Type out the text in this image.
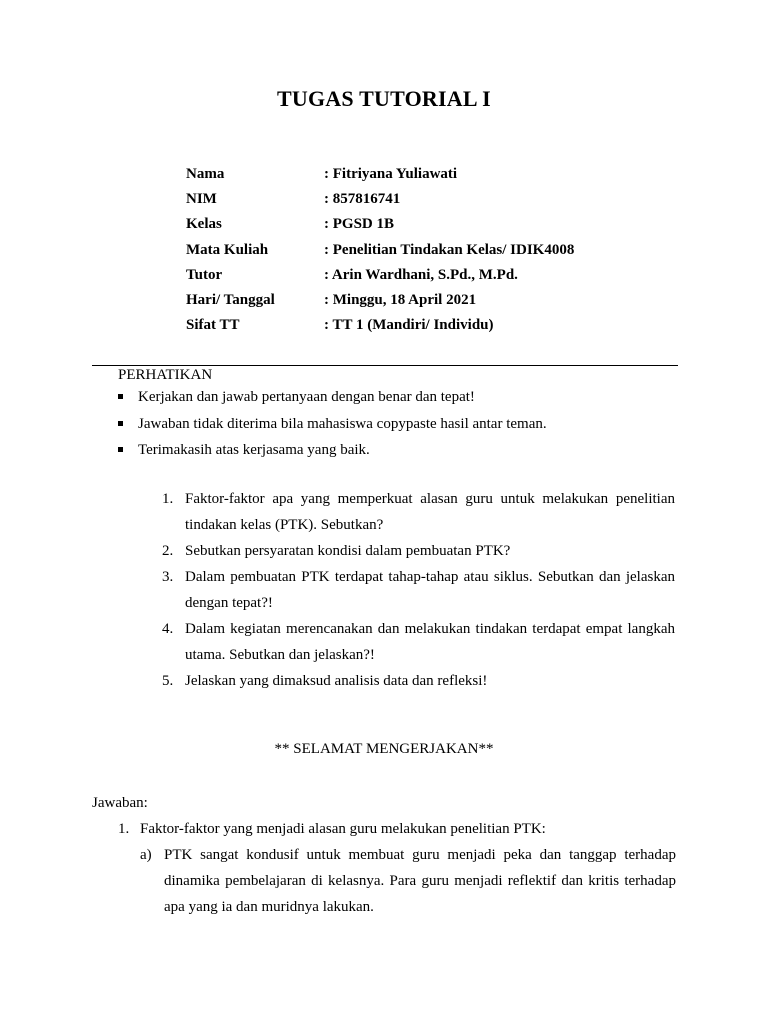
TUGAS TUTORIAL I
Nama	: Fitriyana Yuliawati
NIM	: 857816741
Kelas	: PGSD 1B
Mata Kuliah	: Penelitian Tindakan Kelas/ IDIK4008
Tutor	: Arin Wardhani, S.Pd., M.Pd.
Hari/ Tanggal	: Minggu, 18 April 2021
Sifat TT	: TT 1 (Mandiri/ Individu)
PERHATIKAN
Kerjakan dan jawab pertanyaan dengan benar dan tepat!
Jawaban tidak diterima bila mahasiswa copypaste hasil antar teman.
Terimakasih atas kerjasama yang baik.
1. Faktor-faktor apa yang memperkuat alasan guru untuk melakukan penelitian tindakan kelas (PTK). Sebutkan?
2. Sebutkan persyaratan kondisi dalam pembuatan PTK?
3. Dalam pembuatan PTK terdapat tahap-tahap atau siklus. Sebutkan dan jelaskan dengan tepat?!
4. Dalam kegiatan merencanakan dan melakukan tindakan terdapat empat langkah utama. Sebutkan dan jelaskan?!
5. Jelaskan yang dimaksud analisis data dan refleksi!
** SELAMAT MENGERJAKAN**
Jawaban:
1. Faktor-faktor yang menjadi alasan guru melakukan penelitian PTK:
a) PTK sangat kondusif untuk membuat guru menjadi peka dan tanggap terhadap dinamika pembelajaran di kelasnya. Para guru menjadi reflektif dan kritis terhadap apa yang ia dan muridnya lakukan.
